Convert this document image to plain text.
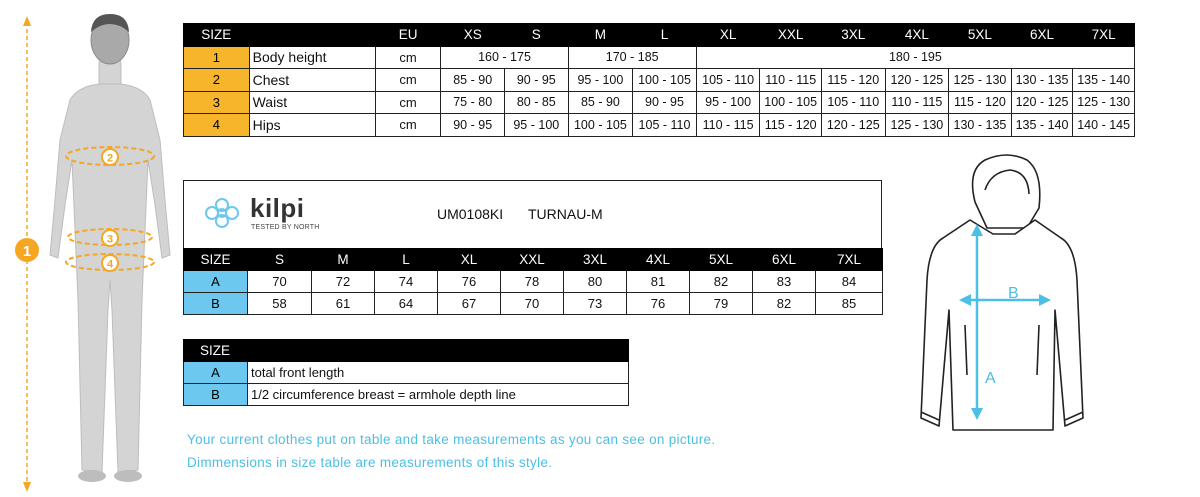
1
2
3
4
SIZE		EU	XS	S	M	L	XL	XXL	3XL	4XL	5XL	6XL	7XL
1	Body height	cm	160 - 175		170 - 185		180 - 195						
2	Chest	cm	85 - 90	90 - 95	95 - 100	100 - 105	105 - 110	110 - 115	115 - 120	120 - 125	125 - 130	130 - 135	135 - 140
3	Waist	cm	75 - 80	80 - 85	85 - 90	90 - 95	95 - 100	100 - 105	105 - 110	110 - 115	115 - 120	120 - 125	125 - 130
4	Hips	cm	90 - 95	95 - 100	100 - 105	105 - 110	110 - 115	115 - 120	120 - 125	125 - 130	130 - 135	135 - 140	140 - 145
kilpi
TESTED BY NORTH
UM0108KI TURNAU-M
SIZE	S	M	L	XL	XXL	3XL	4XL	5XL	6XL	7XL
A	70	72	74	76	78	80	81	82	83	84
B	58	61	64	67	70	73	76	79	82	85
SIZE	
A	total front length
B	1/2 circumference breast = armhole depth line
Your current clothes put on table and take measurements as you can see on picture.
Dimmensions in size table are measurements of this style.
A
B
